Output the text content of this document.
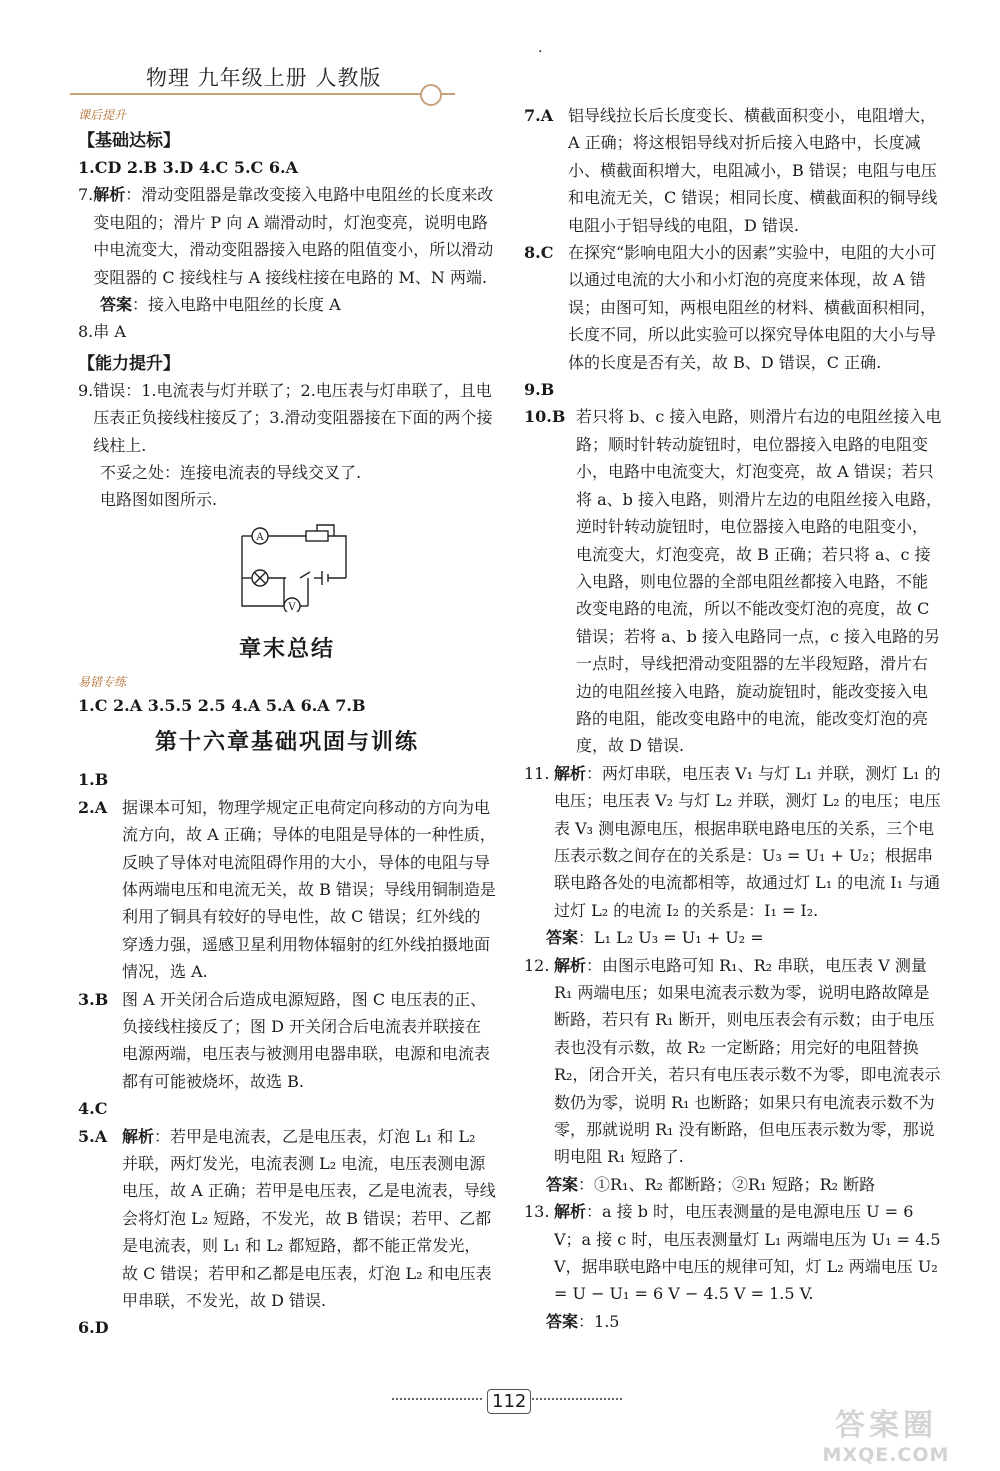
物理 九年级上册 人教版
.
课后提升
【基础达标】
1.CD 2.B 3.D 4.C 5.C 6.A
7. 解析：滑动变阻器是靠改变接入电路中电阻丝的长度来改变电阻的；滑片 P 向 A 端滑动时，灯泡变亮，说明电路中电流变大，滑动变阻器接入电路的阻值变小，所以滑动变阻器的 C 接线柱与 A 接线柱接在电路的 M、N 两端.
答案：接入电路中电阻丝的长度 A
8.串 A
【能力提升】
9. 错误：1.电流表与灯并联了；2.电压表与灯串联了，且电压表正负接线柱接反了；3.滑动变阻器接在下面的两个接线柱上.
不妥之处：连接电流表的导线交叉了.
电路图如图所示.
A
V
章末总结
易错专练
1.C 2.A 3.5.5 2.5 4.A 5.A 6.A 7.B
第十六章基础巩固与训练
1.B
2.A 据课本可知，物理学规定正电荷定向移动的方向为电流方向，故 A 正确；导体的电阻是导体的一种性质，反映了导体对电流阻碍作用的大小，导体的电阻与导体两端电压和电流无关，故 B 错误；导线用铜制造是利用了铜具有较好的导电性，故 C 错误；红外线的穿透力强，遥感卫星利用物体辐射的红外线拍摄地面情况，选 A.
3.B 图 A 开关闭合后造成电源短路，图 C 电压表的正、负接线柱接反了；图 D 开关闭合后电流表并联接在电源两端，电压表与被测用电器串联，电源和电流表都有可能被烧坏，故选 B.
4.C
5.A 解析：若甲是电流表，乙是电压表，灯泡 L₁ 和 L₂ 并联，两灯发光，电流表测 L₂ 电流，电压表测电源电压，故 A 正确；若甲是电压表，乙是电流表，导线会将灯泡 L₂ 短路，不发光，故 B 错误；若甲、乙都是电流表，则 L₁ 和 L₂ 都短路，都不能正常发光，故 C 错误；若甲和乙都是电压表，灯泡 L₂ 和电压表甲串联，不发光，故 D 错误.
6.D
7.A 铝导线拉长后长度变长、横截面积变小，电阻增大，A 正确；将这根铝导线对折后接入电路中，长度减小、横截面积增大，电阻减小，B 错误；电阻与电压和电流无关，C 错误；相同长度、横截面积的铜导线电阻小于铝导线的电阻，D 错误.
8.C 在探究“影响电阻大小的因素”实验中，电阻的大小可以通过电流的大小和小灯泡的亮度来体现，故 A 错误；由图可知，两根电阻丝的材料、横截面积相同，长度不同，所以此实验可以探究导体电阻的大小与导体的长度是否有关，故 B、D 错误，C 正确.
9.B
10.B 若只将 b、c 接入电路，则滑片右边的电阻丝接入电路；顺时针转动旋钮时，电位器接入电路的电阻变小，电路中电流变大，灯泡变亮，故 A 错误；若只将 a、b 接入电路，则滑片左边的电阻丝接入电路，逆时针转动旋钮时，电位器接入电路的电阻变小，电流变大，灯泡变亮，故 B 正确；若只将 a、c 接入电路，则电位器的全部电阻丝都接入电路，不能改变电路的电流，所以不能改变灯泡的亮度，故 C 错误；若将 a、b 接入电路同一点，c 接入电路的另一点时，导线把滑动变阻器的左半段短路，滑片右边的电阻丝接入电路，旋动旋钮时，能改变接入电路的电阻，能改变电路中的电流，能改变灯泡的亮度，故 D 错误.
11. 解析：两灯串联，电压表 V₁ 与灯 L₁ 并联，测灯 L₁ 的电压；电压表 V₂ 与灯 L₂ 并联，测灯 L₂ 的电压；电压表 V₃ 测电源电压，根据串联电路电压的关系，三个电压表示数之间存在的关系是：U₃ = U₁ + U₂；根据串联电路各处的电流都相等，故通过灯 L₁ 的电流 I₁ 与通过灯 L₂ 的电流 I₂ 的关系是：I₁ = I₂.
答案：L₁ L₂ U₃ = U₁ + U₂ =
12. 解析：由图示电路可知 R₁、R₂ 串联，电压表 V 测量 R₁ 两端电压；如果电流表示数为零，说明电路故障是断路，若只有 R₁ 断开，则电压表会有示数；由于电压表也没有示数，故 R₂ 一定断路；用完好的电阻替换 R₂，闭合开关，若只有电压表示数不为零，即电流表示数仍为零，说明 R₁ 也断路；如果只有电流表示数不为零，那就说明 R₁ 没有断路，但电压表示数为零，那说明电阻 R₁ 短路了.
答案：①R₁、R₂ 都断路；②R₁ 短路；R₂ 断路
13. 解析：a 接 b 时，电压表测量的是电源电压 U = 6 V；a 接 c 时，电压表测量灯 L₁ 两端电压为 U₁ = 4.5 V，据串联电路中电压的规律可知，灯 L₂ 两端电压 U₂ = U − U₁ = 6 V − 4.5 V = 1.5 V.
答案：1.5
112
答案圈
MXQE.COM
